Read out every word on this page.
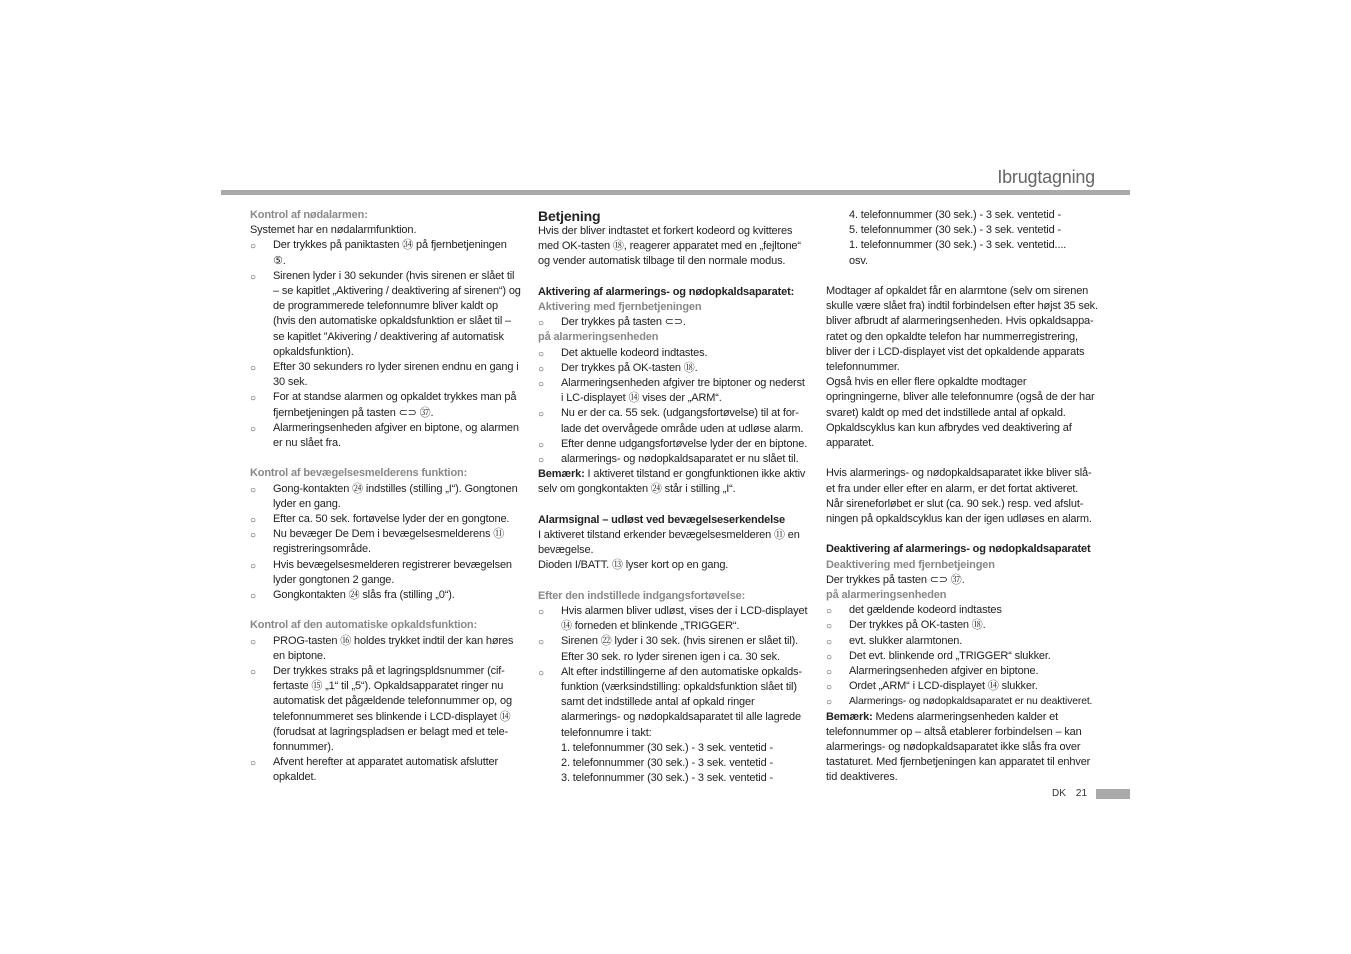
Ibrugtagning

Kontrol af nødalarmen:

Systemet har en nødalarmfunktion.

○ Der trykkes på paniktasten ㉞ på fjernbetjeningen ⑤.
○ Sirenen lyder i 30 sekunder (hvis sirenen er slået til – se kapitlet „Aktivering / deaktivering af sirenen“) og de programmerede telefonnumre bliver kaldt op (hvis den automatiske opkaldsfunktion er slået til – se kapitlet ”Akivering / deaktivering af automatisk opkaldsfunktion).
○ Efter 30 sekunders ro lyder sirenen endnu en gang i 30 sek.
○ For at standse alarmen og opkaldet trykkes man på fjernbetjeningen på tasten ⊂⊃ ㊲.
○ Alarmeringsenheden afgiver en biptone, og alarmen er nu slået fra.

Kontrol af bevægelsesmelderens funktion:

○ Gong-kontakten ㉔ indstilles (stilling „I“). Gongtonen lyder en gang.
○ Efter ca. 50 sek. fortøvelse lyder der en gongtone.
○ Nu bevæger De Dem i bevægelsesmelderens ⑪ registreringsområde.
○ Hvis bevægelsesmelderen registrerer bevægelsen lyder gongtonen 2 gange.
○ Gongkontakten ㉔ slås fra (stilling „0“).

Kontrol af den automatiske opkaldsfunktion:

○ PROG-tasten ⑯ holdes trykket indtil der kan høres en biptone.
○ Der trykkes straks på et lagringspldsnummer (cif- fertaste ⑮ „1“ til „5“). Opkaldsapparatet ringer nu automatisk det pågældende telefonnummer op, og telefonnummeret ses blinkende i LCD-displayet ⑭ (forudsat at lagringspladsen er belagt med et tele- fonnummer).
○ Afvent herefter at apparatet automatisk afslutter opkaldet.

Betjening

Hvis der bliver indtastet et forkert kodeord og kvitteres med OK-tasten ⑱, reagerer apparatet med en „fejltone“ og vender automatisk tilbage til den normale modus.

Aktivering af alarmerings- og nødopkaldsaparatet:

Aktivering med fjernbetjeningen

○ Der trykkes på tasten ⊂⊃.

på alarmeringsenheden

○ Det aktuelle kodeord indtastes.
○ Der trykkes på OK-tasten ⑱.
○ Alarmeringsenheden afgiver tre biptoner og nederst i LC-displayet ⑭ vises der „ARM“.
○ Nu er der ca. 55 sek. (udgangsfortøvelse) til at for- lade det overvågede område uden at udløse alarm.
○ Efter denne udgangsfortøvelse lyder der en biptone.
○ alarmerings- og nødopkaldsaparatet er nu slået til.

Bemærk: I aktiveret tilstand er gongfunktionen ikke aktiv selv om gongkontakten ㉔ står i stilling „I“.

Alarmsignal – udløst ved bevægelseserkendelse

I aktiveret tilstand erkender bevægelsesmelderen ⑪ en bevægelse.

Dioden I/BATT. ⑬ lyser kort op en gang.

Efter den indstillede indgangsfortøvelse:

○ Hvis alarmen bliver udløst, vises der i LCD-displayet ⑭ forneden et blinkende „TRIGGER“.
○ Sirenen ㉒ lyder i 30 sek. (hvis sirenen er slået til). Efter 30 sek. ro lyder sirenen igen i ca. 30 sek.
○ Alt efter indstillingerne af den automatiske opkalds- funktion (værksindstilling: opkaldsfunktion slået til) samt det indstillede antal af opkald ringer alarmerings- og nødopkaldsaparatet til alle lagrede telefonnumre i takt:
1. telefonnummer (30 sek.) - 3 sek. ventetid -
2. telefonnummer (30 sek.) - 3 sek. ventetid -
3. telefonnummer (30 sek.) - 3 sek. ventetid -
4. telefonnummer (30 sek.) - 3 sek. ventetid -
5. telefonnummer (30 sek.) - 3 sek. ventetid -
1. telefonnummer (30 sek.) - 3 sek. ventetid....
osv.

Modtager af opkaldet får en alarmtone (selv om sirenen skulle være slået fra) indtil forbindelsen efter højst 35 sek. bliver afbrudt af alarmeringsenheden. Hvis opkaldsappa- ratet og den opkaldte telefon har nummerregistrering, bliver der i LCD-displayet vist det opkaldende apparats telefonnummer.

Også hvis en eller flere opkaldte modtager opringningerne, bliver alle telefonnumre (også de der har svaret) kaldt op med det indstillede antal af opkald. Opkaldscyklus kan kun afbrydes ved deaktivering af apparatet.

Hvis alarmerings- og nødopkaldsaparatet ikke bliver slå- et fra under eller efter en alarm, er det fortat aktiveret. Når sireneforløbet er slut (ca. 90 sek.) resp. ved afslut- ningen på opkaldscyklus kan der igen udløses en alarm.

Deaktivering af alarmerings- og nødopkaldsaparatet

Deaktivering med fjernbetjeingen

Der trykkes på tasten ⊂⊃ ㊲.

på alarmeringsenheden

○ det gældende kodeord indtastes
○ Der trykkes på OK-tasten ⑱.
○ evt. slukker alarmtonen.
○ Det evt. blinkende ord „TRIGGER“ slukker.
○ Alarmeringsenheden afgiver en biptone.
○ Ordet „ARM“ i LCD-displayet ⑭ slukker.
○ Alarmerings- og nødopkaldsaparatet er nu deaktiveret.

Bemærk: Medens alarmeringsenheden kalder et telefonnummer op – altså etablerer forbindelsen – kan alarmerings- og nødopkaldsaparatet ikke slås fra over tastaturet. Med fjernbetjeningen kan apparatet til enhver tid deaktiveres.

DK 21
